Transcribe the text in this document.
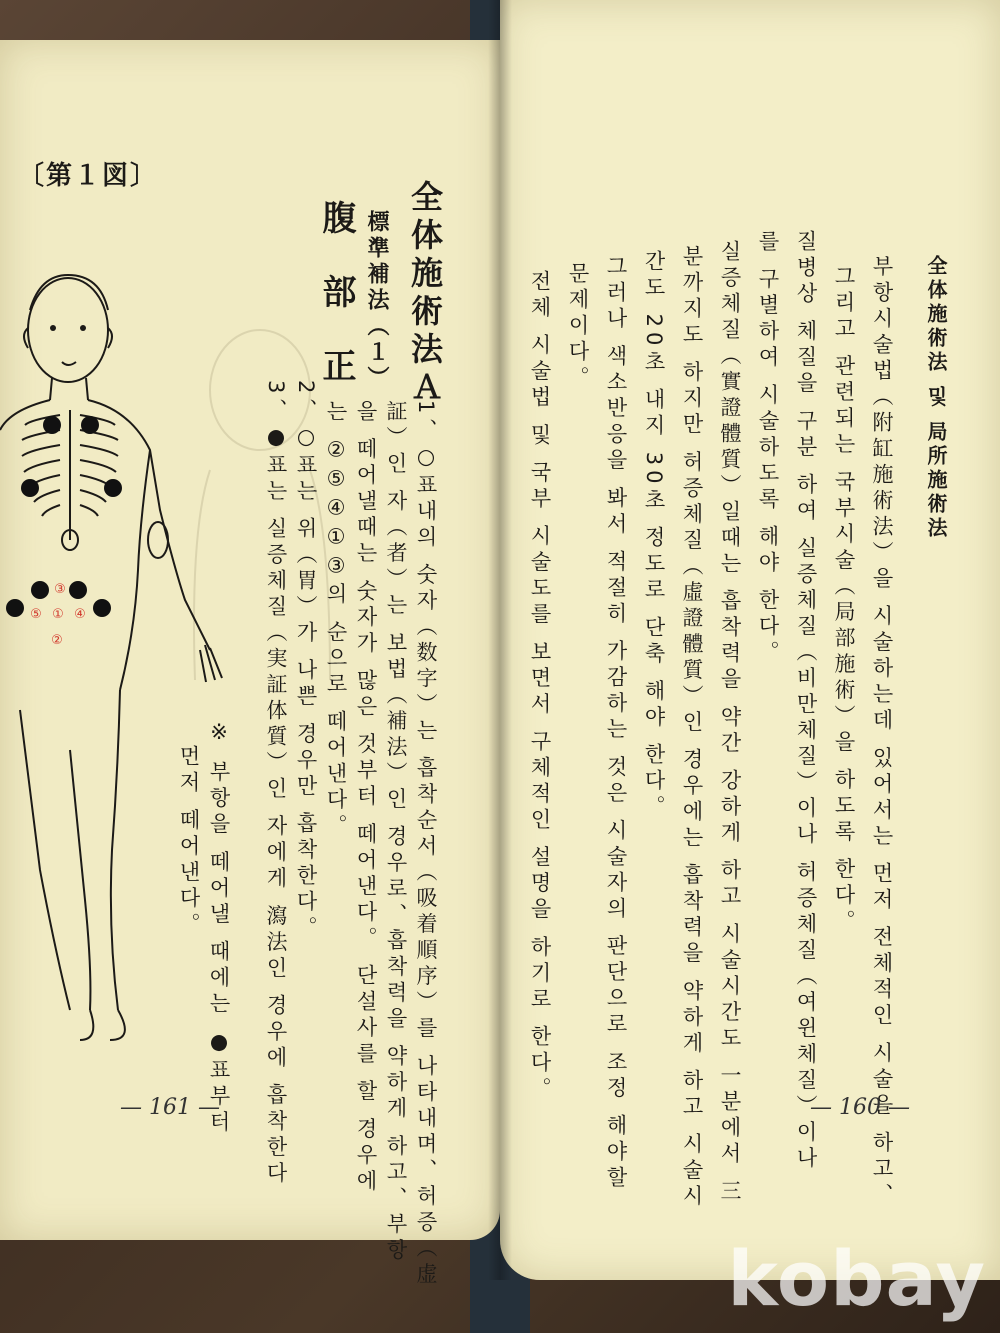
〔第１図〕
③
⑤ ① ④
②
全体施術法Ａ
標準補法（１）
腹部正
1、○표내의 숫자（数字）는 흡착순서（吸着順序）를 나타내며、허증（虚
証）인 자（者）는 보법（補法）인 경우로、흡착력을 약하게 하고、부항
을 떼어낼때는 숫자가 많은 것부터 떼어낸다。 단설사를 할 경우에
는 ②⑤④①③의 순으로 떼어낸다。
2、○표는 위（胃）가 나쁜 경우만 흡착한다。
3、●표는 실증체질（実証体質）인 자에게 瀉法인 경우에 흡착한다
※ 부항을 떼어낼 때에는 ●표부터
먼저 떼어낸다。
— 161 —
全体施術法 및 局所施術法
부항시술법（附缸施術法）을 시술하는데 있어서는 먼저 전체적인 시술을 하고、
그리고 관련되는 국부시술（局部施術）을 하도록 한다。
질병상 체질을 구분 하여 실증체질（비만체질）이나 허증체질（여윈체질）이나
를 구별하여 시술하도록 해야 한다。
실증체질（實證體質）일때는 흡착력을 약간 강하게 하고 시술시간도 一분에서 三
분까지도 하지만 허증체질（虛證體質）인 경우에는 흡착력을 약하게 하고 시술시
간도 20초 내지 30초 정도로 단축 해야 한다。
그러나 색소반응을 봐서 적절히 가감하는 것은 시술자의 판단으로 조정 해야할
문제이다。
전체 시술법 및 국부 시술도를 보면서 구체적인 설명을 하기로 한다。
— 160 —
kobay
